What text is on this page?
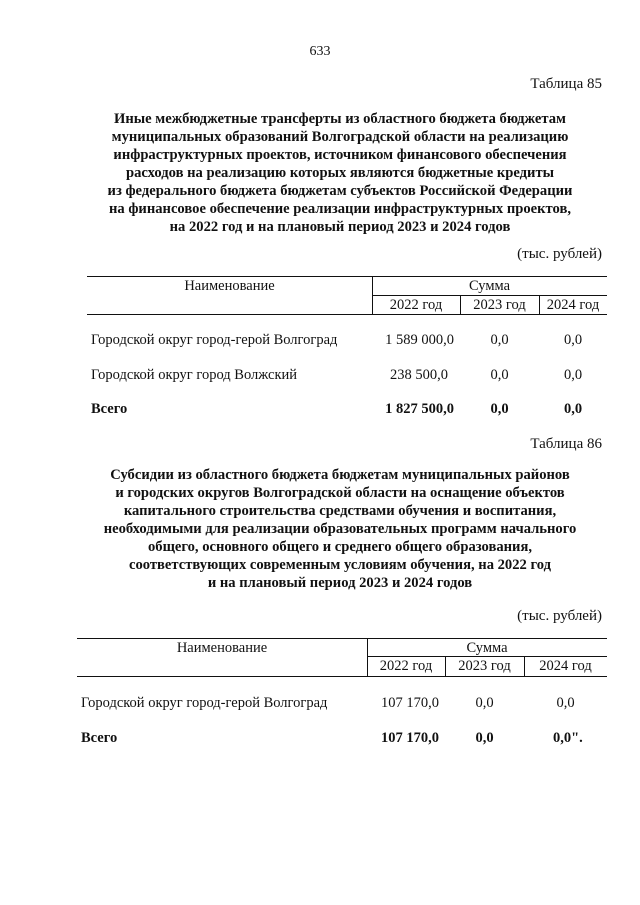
633
Таблица 85
Иные межбюджетные трансферты из областного бюджета бюджетам
муниципальных образований Волгоградской области на реализацию
инфраструктурных проектов, источником финансового обеспечения
расходов на реализацию которых являются бюджетные кредиты
из федерального бюджета бюджетам субъектов Российской Федерации
на финансовое обеспечение реализации инфраструктурных проектов,
на 2022 год и на плановый период 2023 и 2024 годов
(тыс. рублей)
Наименование	Сумма
2022 год	2023 год	2024 год
Городской округ город-герой Волгоград	1 589 000,0	0,0	0,0
Городской округ город Волжский	238 500,0	0,0	0,0
Всего	1 827 500,0	0,0	0,0
Таблица 86
Субсидии из областного бюджета бюджетам муниципальных районов
и городских округов Волгоградской области на оснащение объектов
капитального строительства средствами обучения и воспитания,
необходимыми для реализации образовательных программ начального
общего, основного общего и среднего общего образования,
соответствующих современным условиям обучения, на 2022 год
и на плановый период 2023 и 2024 годов
(тыс. рублей)
Наименование	Сумма
2022 год	2023 год	2024 год
Городской округ город-герой Волгоград	107 170,0	0,0	0,0
Всего	107 170,0	0,0	0,0".
